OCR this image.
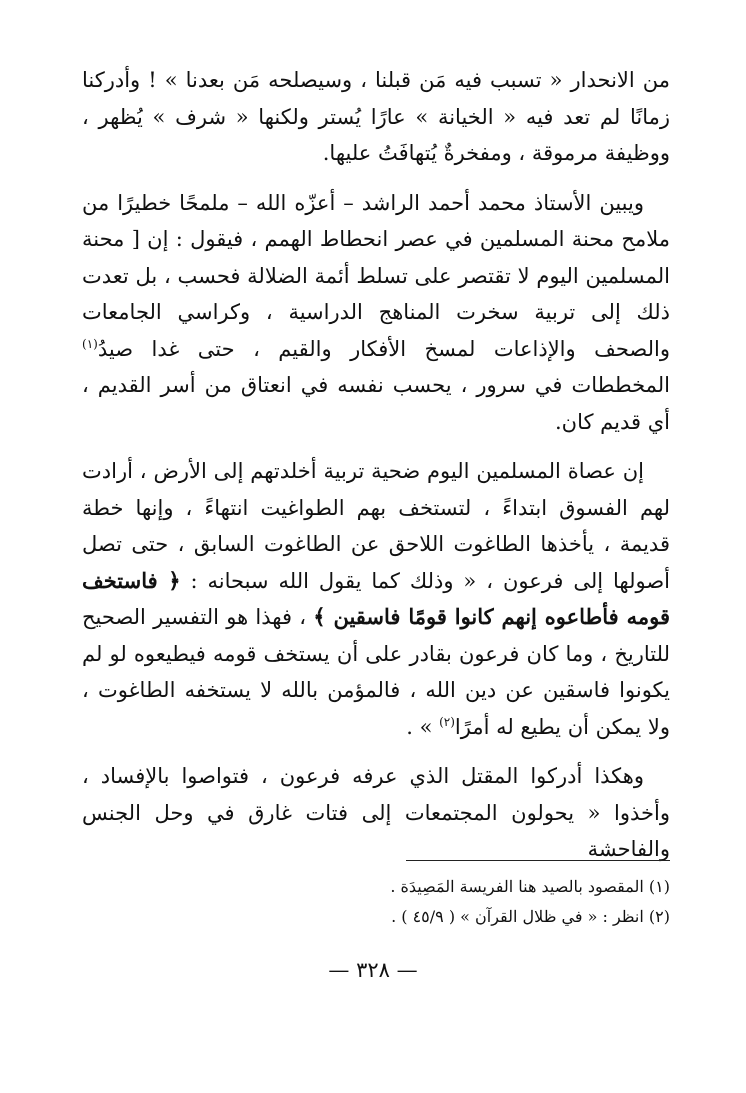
من الانحدار « تسبب فيه مَن قبلنا ، وسيصلحه مَن بعدنا » ! وأدركنا زمانًا لم تعد فيه « الخيانة » عارًا يُستر ولكنها « شرف » يُظهر ، ووظيفة مرموقة ، ومفخرةٌ يُتهافَتُ عليها.

ويبين الأستاذ محمد أحمد الراشد – أعزّه الله – ملمحًا خطيرًا من ملامح محنة المسلمين في عصر انحطاط الهمم ، فيقول : إن [ محنة المسلمين اليوم لا تقتصر على تسلط أئمة الضلالة فحسب ، بل تعدت ذلك إلى تربية سخرت المناهج الدراسية ، وكراسي الجامعات والصحف والإذاعات لمسخ الأفكار والقيم ، حتى غدا صيدُ$^{(١)}$ المخططات في سرور ، يحسب نفسه في انعتاق من أسر القديم ، أي قديم كان.

إن عصاة المسلمين اليوم ضحية تربية أخلدتهم إلى الأرض ، أرادت لهم الفسوق ابتداءً ، لتستخف بهم الطواغيت انتهاءً ، وإنها خطة قديمة ، يأخذها الطاغوت اللاحق عن الطاغوت السابق ، حتى تصل أصولها إلى فرعون ، « وذلك كما يقول الله سبحانه : ﴿ فاستخف قومه فأطاعوه إنهم كانوا قومًا فاسقين ﴾ ، فهذا هو التفسير الصحيح للتاريخ ، وما كان فرعون بقادر على أن يستخف قومه فيطيعوه لو لم يكونوا فاسقين عن دين الله ، فالمؤمن بالله لا يستخفه الطاغوت ، ولا يمكن أن يطيع له أمرًا$^{(٢)}$ » .

وهكذا أدركوا المقتل الذي عرفه فرعون ، فتواصوا بالإفساد ، وأخذوا « يحولون المجتمعات إلى فتات غارق في وحل الجنس والفاحشة

(١) المقصود بالصيد هنا الفريسة المَصِيدَة .

(٢) انظر : « في ظلال القرآن » ( ٤٥/٩ ) .

— ٣٢٨ —
